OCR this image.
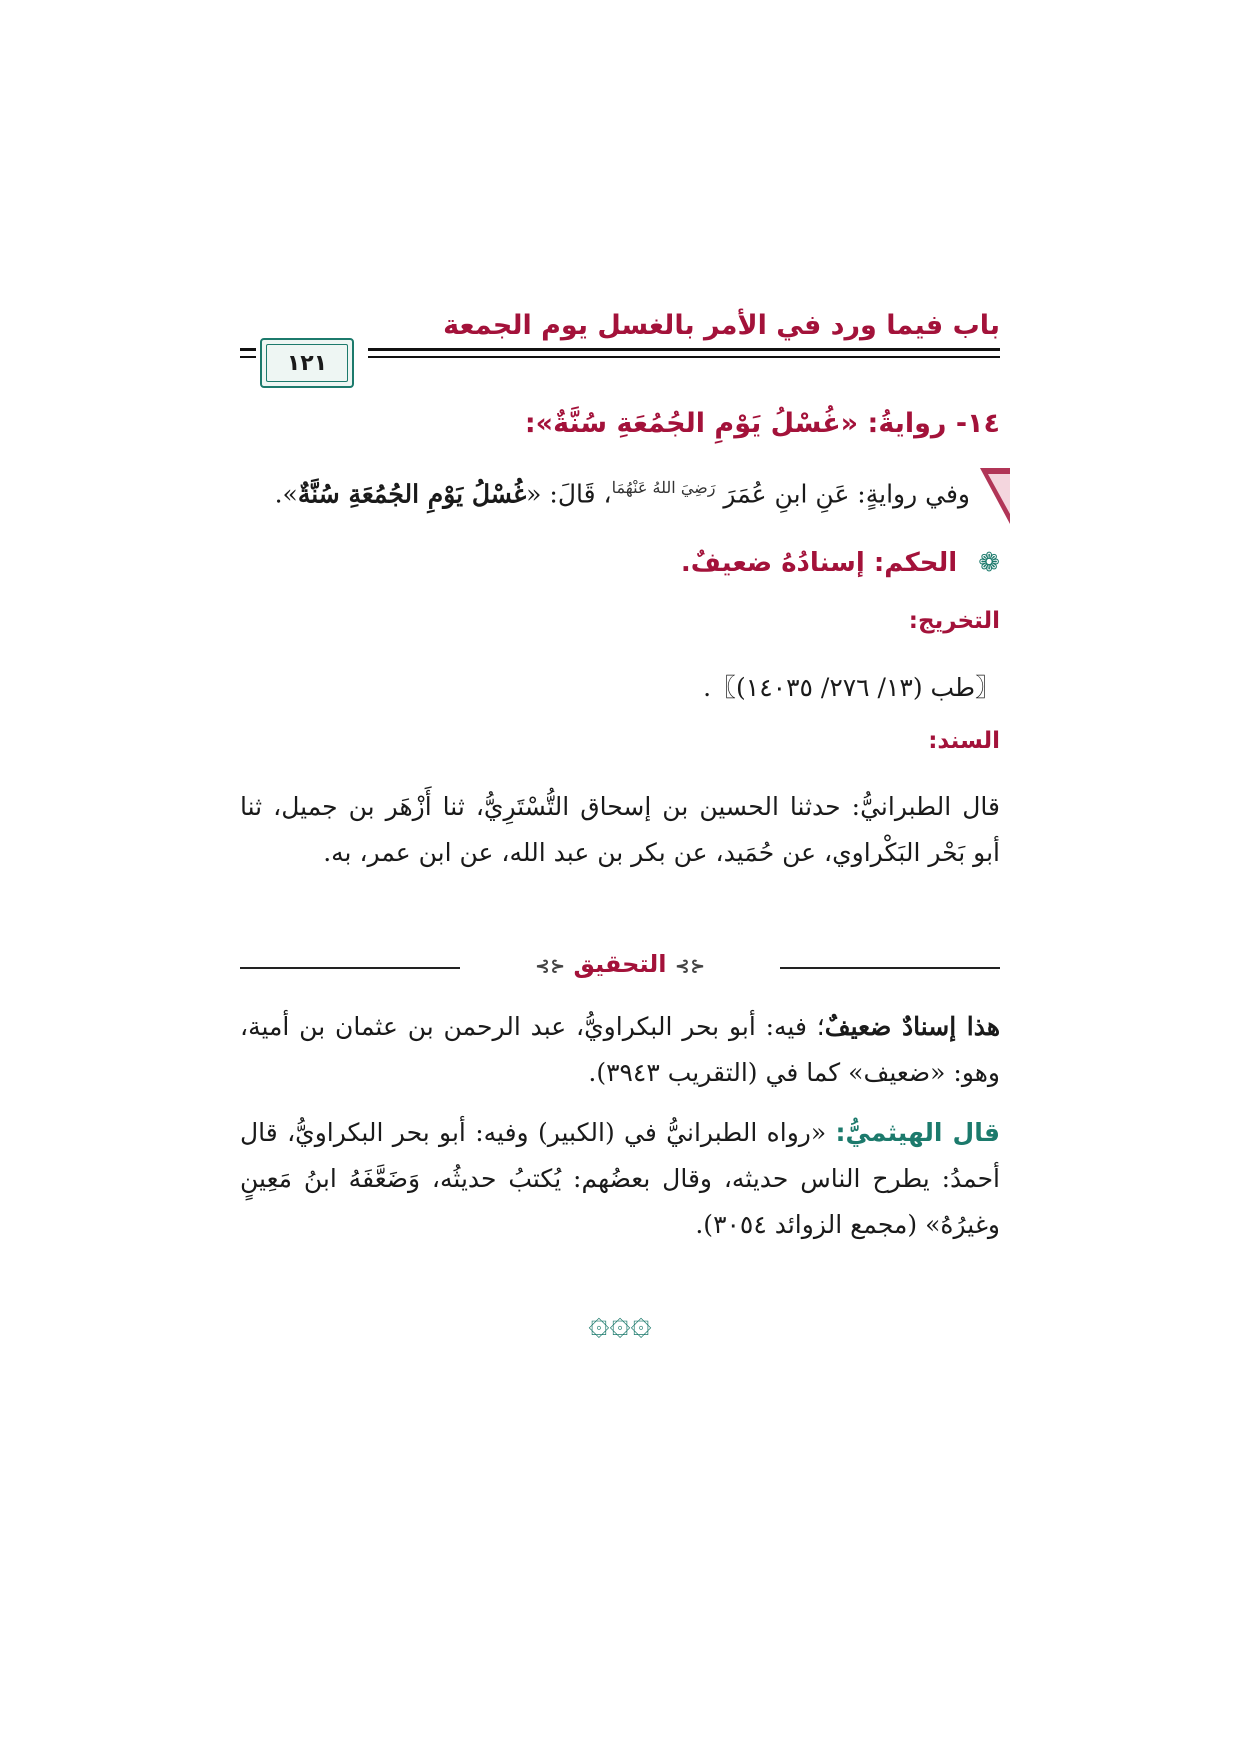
باب فيما ورد في الأمر بالغسل يوم الجمعة
١٢١
١٤- روايةُ: «غُسْلُ يَوْمِ الجُمُعَةِ سُنَّةٌ»:
وفي روايةٍ: عَنِ ابنِ عُمَرَ $^{رَضِيَ اللهُ عَنْهُمَا}$، قَالَ: «غُسْلُ يَوْمِ الجُمُعَةِ سُنَّةٌ».
❁ الحكم: إسنادُهُ ضعيفٌ.
التخريج:
〖طب (١٣/ ٢٧٦/ ١٤٠٣٥)〗.
السند:
قال الطبرانيُّ: حدثنا الحسين بن إسحاق التُّسْتَرِيُّ، ثنا أَزْهَر بن جميل، ثنا أبو بَحْر البَكْراوي، عن حُمَيد، عن بكر بن عبد الله، عن ابن عمر، به.
⊰⊱ التحقيق ⊰⊱
هذا إسنادٌ ضعيفٌ؛ فيه: أبو بحر البكراويُّ، عبد الرحمن بن عثمان بن أمية، وهو: «ضعيف» كما في (التقريب ٣٩٤٣).
قال الهيثميُّ: «رواه الطبرانيُّ في (الكبير) وفيه: أبو بحر البكراويُّ، قال أحمدُ: يطرح الناس حديثه، وقال بعضُهم: يُكتبُ حديثُه، وَضَعَّفَهُ ابنُ مَعِينٍ وغيرُهُ» (مجمع الزوائد ٣٠٥٤).
۞۞۞
